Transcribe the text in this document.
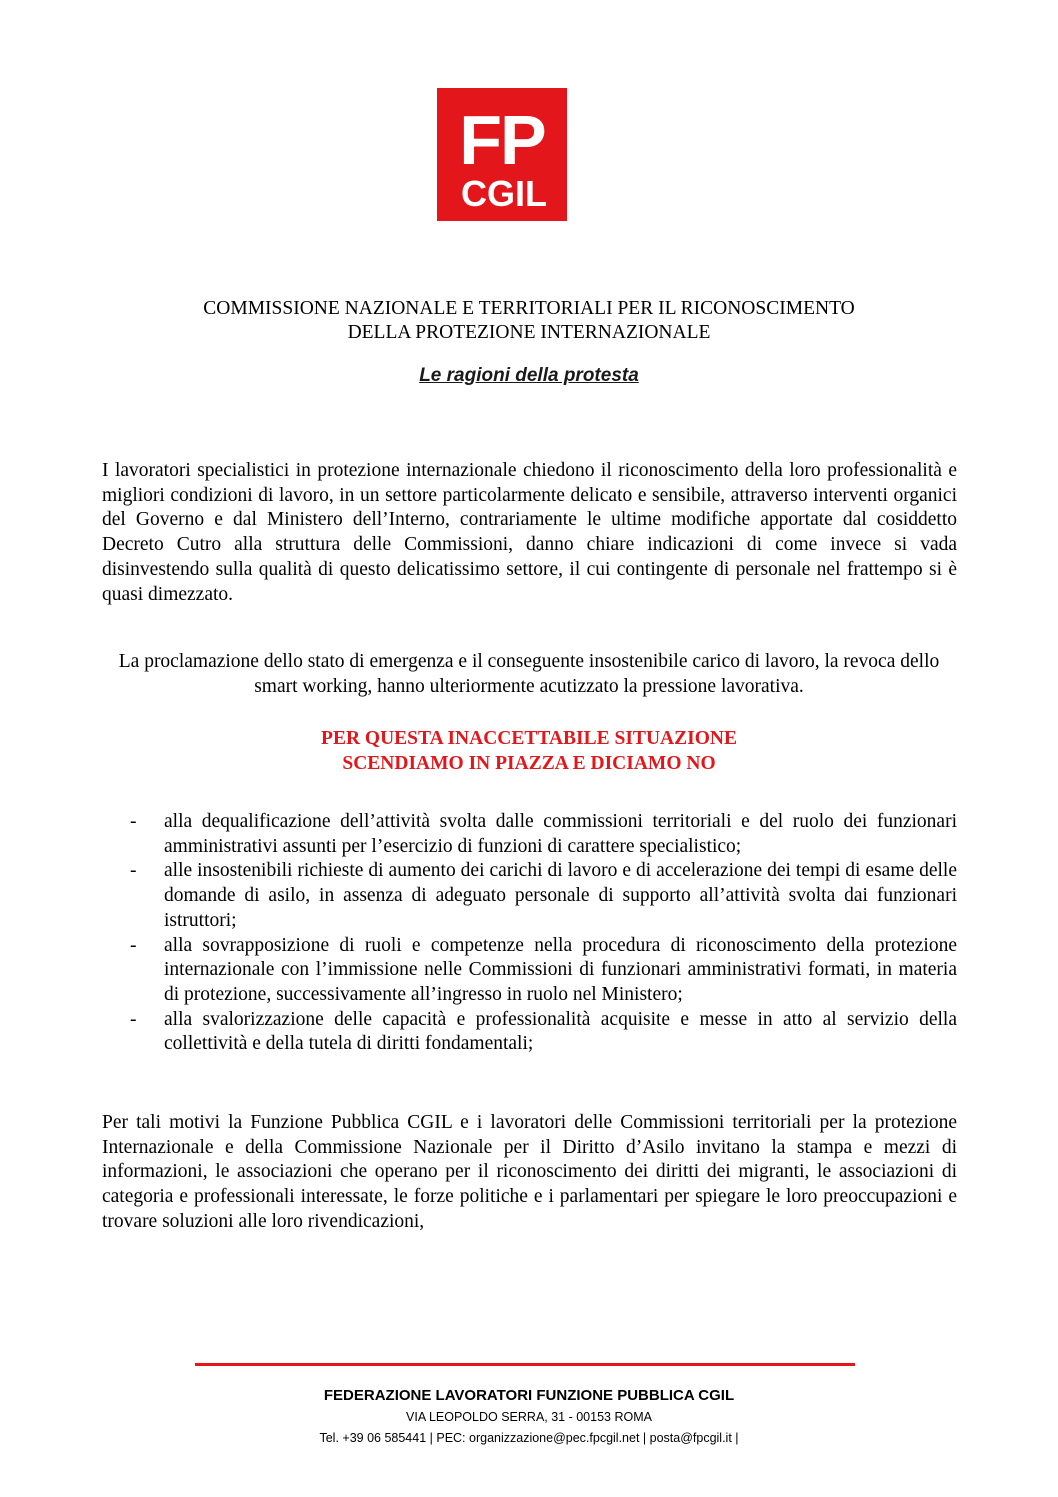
FP
CGIL
COMMISSIONE NAZIONALE E TERRITORIALI PER IL RICONOSCIMENTO
DELLA PROTEZIONE INTERNAZIONALE
Le ragioni della protesta

I lavoratori specialistici in protezione internazionale chiedono il riconoscimento della loro professionalità e migliori condizioni di lavoro, in un settore particolarmente delicato e sensibile, attraverso interventi organici del Governo e dal Ministero dell’Interno, contrariamente le ultime modifiche apportate dal cosiddetto Decreto Cutro alla struttura delle Commissioni, danno chiare indicazioni di come invece si vada disinvestendo sulla qualità di questo delicatissimo settore, il cui contingente di personale nel frattempo si è quasi dimezzato.

La proclamazione dello stato di emergenza e il conseguente insostenibile carico di lavoro, la revoca dello smart working, hanno ulteriormente acutizzato la pressione lavorativa.

PER QUESTA INACCETTABILE SITUAZIONE
SCENDIAMO IN PIAZZA E DICIAMO NO
- alla dequalificazione dell’attività svolta dalle commissioni territoriali e del ruolo dei funzionari amministrativi assunti per l’esercizio di funzioni di carattere specialistico;
- alle insostenibili richieste di aumento dei carichi di lavoro e di accelerazione dei tempi di esame delle domande di asilo, in assenza di adeguato personale di supporto all’attività svolta dai funzionari istruttori;
- alla sovrapposizione di ruoli e competenze nella procedura di riconoscimento della protezione internazionale con l’immissione nelle Commissioni di funzionari amministrativi formati, in materia di protezione, successivamente all’ingresso in ruolo nel Ministero;
- alla svalorizzazione delle capacità e professionalità acquisite e messe in atto al servizio della collettività e della tutela di diritti fondamentali;

Per tali motivi la Funzione Pubblica CGIL e i lavoratori delle Commissioni territoriali per la protezione Internazionale e della Commissione Nazionale per il Diritto d’Asilo invitano la stampa e mezzi di informazioni, le associazioni che operano per il riconoscimento dei diritti dei migranti, le associazioni di categoria e professionali interessate, le forze politiche e i parlamentari per spiegare le loro preoccupazioni e trovare soluzioni alle loro rivendicazioni,

FEDERAZIONE LAVORATORI FUNZIONE PUBBLICA CGIL
VIA LEOPOLDO SERRA, 31 - 00153 ROMA
Tel. +39 06 585441 | PEC: organizzazione@pec.fpcgil.net | posta@fpcgil.it |
